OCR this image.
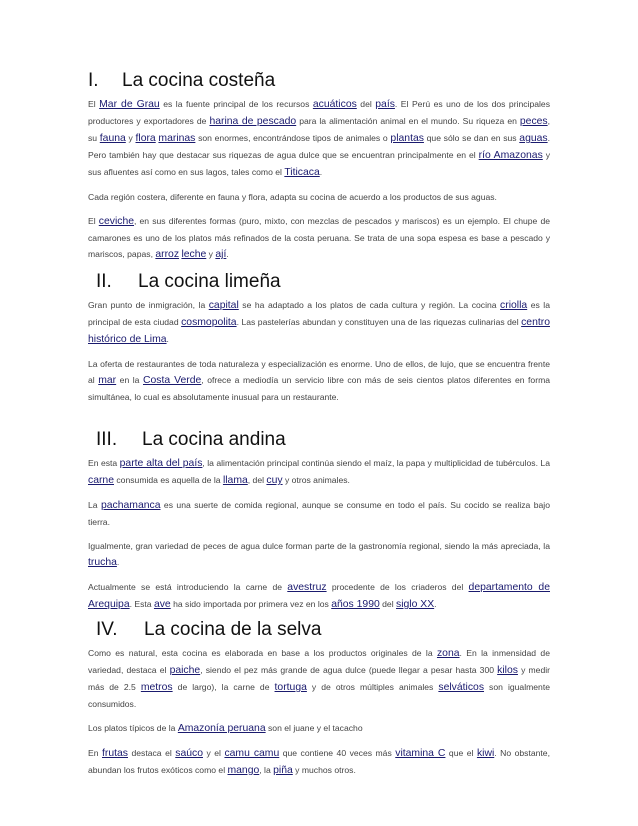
I.	La cocina costeña

El Mar de Grau es la fuente principal de los recursos acuáticos del país. El Perú es uno de los dos principales productores y exportadores de harina de pescado para la alimentación animal en el mundo. Su riqueza en peces, su fauna y flora marinas son enormes, encontrándose tipos de animales o plantas que sólo se dan en sus aguas. Pero también hay que destacar sus riquezas de agua dulce que se encuentran principalmente en el río Amazonas y sus afluentes así como en sus lagos, tales como el Titicaca.

Cada región costera, diferente en fauna y flora, adapta su cocina de acuerdo a los productos de sus aguas.

El ceviche, en sus diferentes formas (puro, mixto, con mezclas de pescados y mariscos) es un ejemplo. El chupe de camarones es uno de los platos más refinados de la costa peruana. Se trata de una sopa espesa es base a pescado y mariscos, papas, arroz leche y ají.

II.	La cocina limeña

Gran punto de inmigración, la capital se ha adaptado a los platos de cada cultura y región. La cocina criolla es la principal de esta ciudad cosmopolita. Las pastelerías abundan y constituyen una de las riquezas culinarias del centro histórico de Lima.

La oferta de restaurantes de toda naturaleza y especialización es enorme. Uno de ellos, de lujo, que se encuentra frente al mar en la Costa Verde, ofrece a mediodía un servicio libre con más de seis cientos platos diferentes en forma simultánea, lo cual es absolutamente inusual para un restaurante.

III.	La cocina andina

En esta parte alta del país, la alimentación principal continúa siendo el maíz, la papa y multiplicidad de tubérculos. La carne consumida es aquella de la llama, del cuy y otros animales.

La pachamanca es una suerte de comida regional, aunque se consume en todo el país. Su cocido se realiza bajo tierra.

Igualmente, gran variedad de peces de agua dulce forman parte de la gastronomía regional, siendo la más apreciada, la trucha.

Actualmente se está introduciendo la carne de avestruz procedente de los criaderos del departamento de Arequipa. Esta ave ha sido importada por primera vez en los años 1990 del siglo XX.

IV.	La cocina de la selva

Como es natural, esta cocina es elaborada en base a los productos originales de la zona. En la inmensidad de variedad, destaca el paiche, siendo el pez más grande de agua dulce (puede llegar a pesar hasta 300 kilos y medir más de 2.5 metros de largo), la carne de tortuga y de otros múltiples animales selváticos son igualmente consumidos.

Los platos típicos de la Amazonía peruana son el juane y el tacacho

En frutas destaca el saúco y el camu camu que contiene 40 veces más vitamina C que el kiwi. No obstante, abundan los frutos exóticos como el mango, la piña y muchos otros.
